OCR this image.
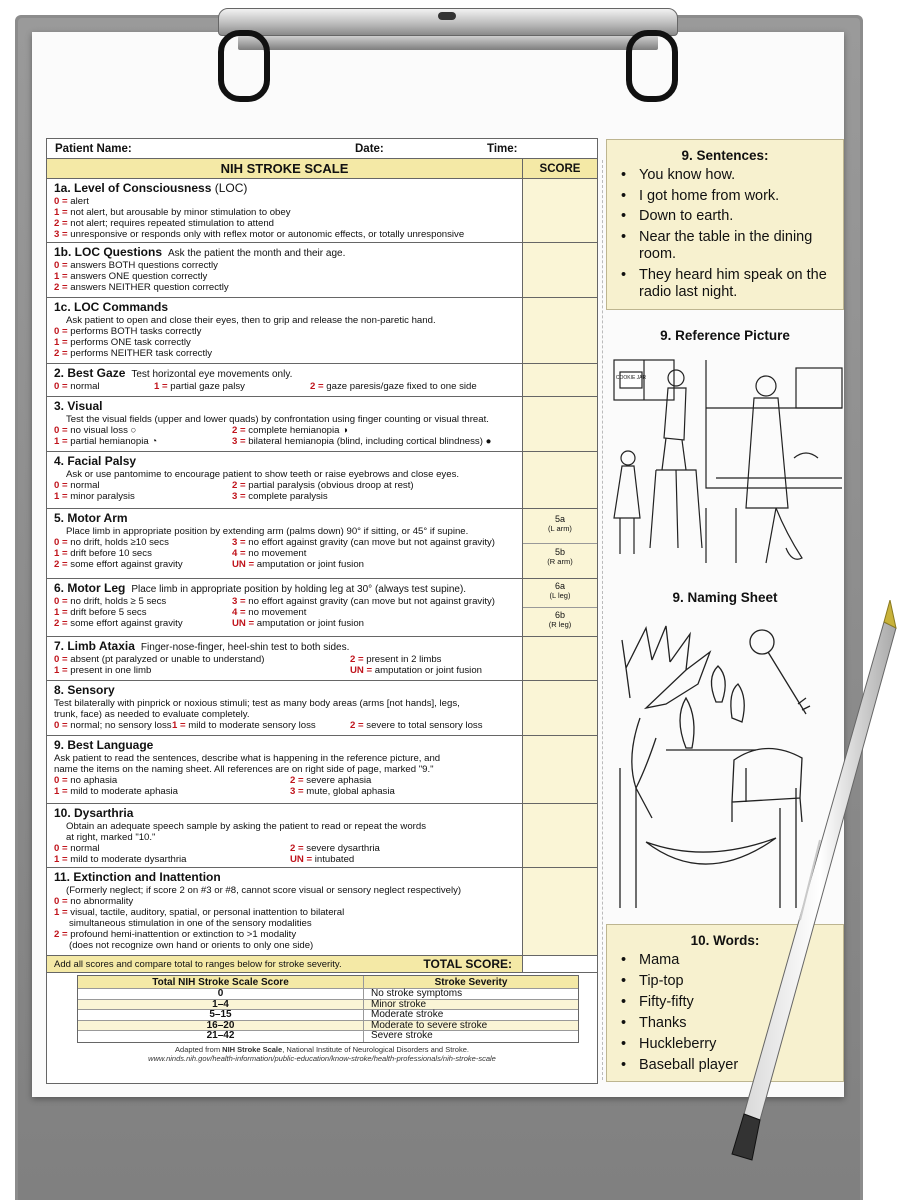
Patient Name:	Date:	Time:
NIH STROKE SCALE	SCORE
1a. Level of Consciousness (LOC)
0 = alert
1 = not alert, but arousable by minor stimulation to obey
2 = not alert; requires repeated stimulation to attend
3 = unresponsive or responds only with reflex motor or autonomic effects, or totally unresponsive
1b. LOC Questions Ask the patient the month and their age.
0 = answers BOTH questions correctly
1 = answers ONE question correctly
2 = answers NEITHER question correctly
1c. LOC Commands
Ask patient to open and close their eyes, then to grip and release the non-paretic hand.
0 = performs BOTH tasks correctly
1 = performs ONE task correctly
2 = performs NEITHER task correctly
2. Best Gaze Test horizontal eye movements only.
0 = normal	1 = partial gaze palsy	2 = gaze paresis/gaze fixed to one side
3. Visual
Test the visual fields (upper and lower quads) by confrontation using finger counting or visual threat.
0 = no visual loss ○	2 = complete hemianopia ◑
1 = partial hemianopia ◔	3 = bilateral hemianopia (blind, including cortical blindness) ●
4. Facial Palsy
Ask or use pantomime to encourage patient to show teeth or raise eyebrows and close eyes.
0 = normal	2 = partial paralysis (obvious droop at rest)
1 = minor paralysis	3 = complete paralysis
5. Motor Arm
Place limb in appropriate position by extending arm (palms down) 90° if sitting, or 45° if supine.
0 = no drift, holds ≥10 secs	3 = no effort against gravity (can move but not against gravity)
1 = drift before 10 secs	4 = no movement
2 = some effort against gravity	UN = amputation or joint fusion
5a
(L arm)
5b
(R arm)
6. Motor Leg Place limb in appropriate position by holding leg at 30° (always test supine).
0 = no drift, holds ≥ 5 secs	3 = no effort against gravity (can move but not against gravity)
1 = drift before 5 secs	4 = no movement
2 = some effort against gravity	UN = amputation or joint fusion
6a
(L leg)
6b
(R leg)
7. Limb Ataxia Finger-nose-finger, heel-shin test to both sides.
0 = absent (pt paralyzed or unable to understand)	2 = present in 2 limbs
1 = present in one limb	UN = amputation or joint fusion
8. Sensory
Test bilaterally with pinprick or noxious stimuli; test as many body areas (arms [not hands], legs,
trunk, face) as needed to evaluate completely.
0 = normal; no sensory loss 1 = mild to moderate sensory loss	2 = severe to total sensory loss
9. Best Language
Ask patient to read the sentences, describe what is happening in the reference picture, and
name the items on the naming sheet. All references are on right side of page, marked "9."
0 = no aphasia	2 = severe aphasia
1 = mild to moderate aphasia	3 = mute, global aphasia
10. Dysarthria
Obtain an adequate speech sample by asking the patient to read or repeat the words
at right, marked "10."
0 = normal	2 = severe dysarthria
1 = mild to moderate dysarthria	UN = intubated
11. Extinction and Inattention
(Formerly neglect; if score 2 on #3 or #8, cannot score visual or sensory neglect respectively)
0 = no abnormality
1 = visual, tactile, auditory, spatial, or personal inattention to bilateral
simultaneous stimulation in one of the sensory modalities
2 = profound hemi-inattention or extinction to >1 modality
(does not recognize own hand or orients to only one side)
Add all scores and compare total to ranges below for stroke severity.	TOTAL SCORE:
Total NIH Stroke Scale Score	Stroke Severity
0	No stroke symptoms
1–4	Minor stroke
5–15	Moderate stroke
16–20	Moderate to severe stroke
21–42	Severe stroke
Adapted from NIH Stroke Scale, National Institute of Neurological Disorders and Stroke.
www.ninds.nih.gov/health-information/public-education/know-stroke/health-professionals/nih-stroke-scale
9. Sentences:
• You know how.
• I got home from work.
• Down to earth.
• Near the table in the dining room.
• They heard him speak on the radio last night.
9. Reference Picture
COOKIE JAR
9. Naming Sheet
10. Words:
• Mama
• Tip-top
• Fifty-fifty
• Thanks
• Huckleberry
• Baseball player
